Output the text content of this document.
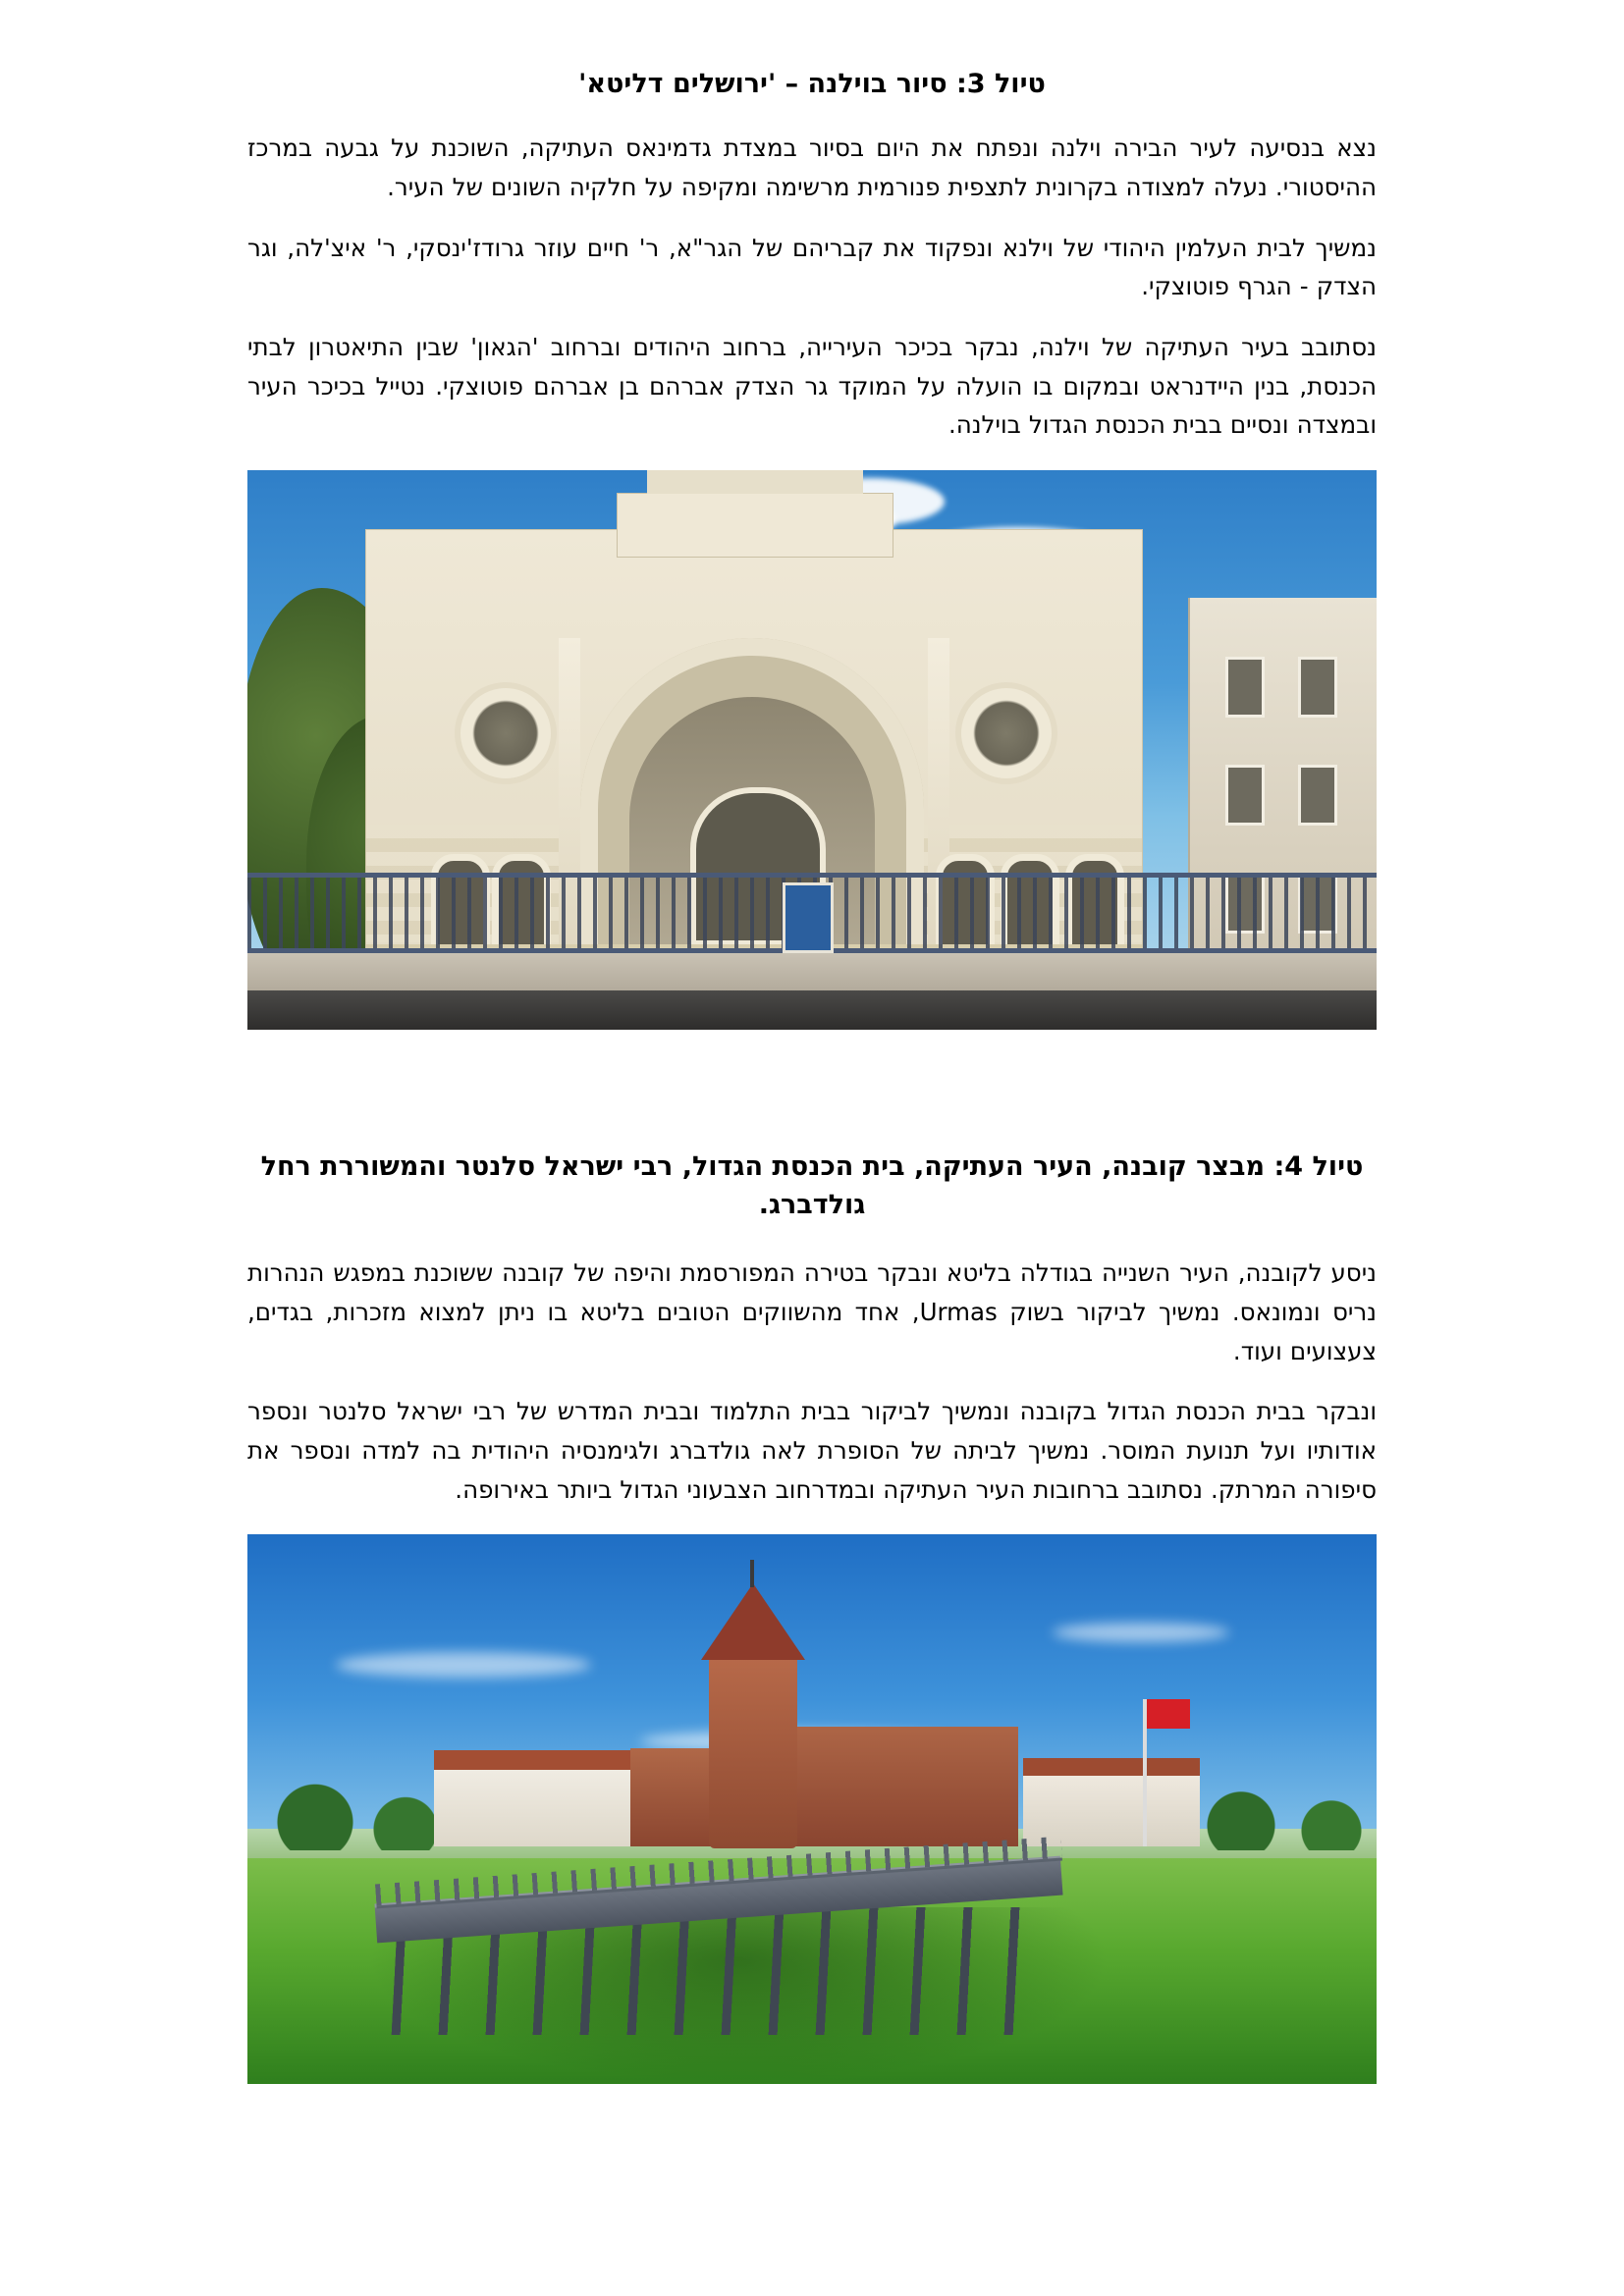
טיול 3: סיור בוילנה – 'ירושלים דליטא'

נצא בנסיעה לעיר הבירה וילנה ונפתח את היום בסיור במצדת גדמינאס העתיקה, השוכנת על גבעה במרכז ההיסטורי. נעלה למצודה בקרונית לתצפית פנורמית מרשימה ומקיפה על חלקיה השונים של העיר.

נמשיך לבית העלמין היהודי של וילנא ונפקוד את קבריהם של הגר"א, ר' חיים עוזר גרודז'ינסקי, ר' איצ'לה, וגר הצדק - הגרף פוטוצקי.

נסתובב בעיר העתיקה של וילנה, נבקר בכיכר העירייה, ברחוב היהודים וברחוב 'הגאון' שבין התיאטרון לבתי הכנסת, בנין היידנראט ובמקום בו הועלה על המוקד גר הצדק אברהם בן אברהם פוטוצקי. נטייל בכיכר העיר ובמצדה ונסיים בבית הכנסת הגדול בוילנה.

טיול 4: מבצר קובנה, העיר העתיקה, בית הכנסת הגדול, רבי ישראל סלנטר והמשוררת רחל גולדברג.

ניסע לקובנה, העיר השנייה בגודלה בליטא ונבקר בטירה המפורסמת והיפה של קובנה ששוכנת במפגש הנהרות נריס ונמונאס. נמשיך לביקור בשוק Urmas, אחד מהשווקים הטובים בליטא בו ניתן למצוא מזכרות, בגדים, צעצועים ועוד.

ונבקר בבית הכנסת הגדול בקובנה ונמשיך לביקור בבית התלמוד ובבית המדרש של רבי ישראל סלנטר ונספר אודותיו ועל תנועת המוסר. נמשיך לביתה של הסופרת לאה גולדברג ולגימנסיה היהודית בה למדה ונספר את סיפורה המרתק. נסתובב ברחובות העיר העתיקה ובמדרחוב הצבעוני הגדול ביותר באירופה.
